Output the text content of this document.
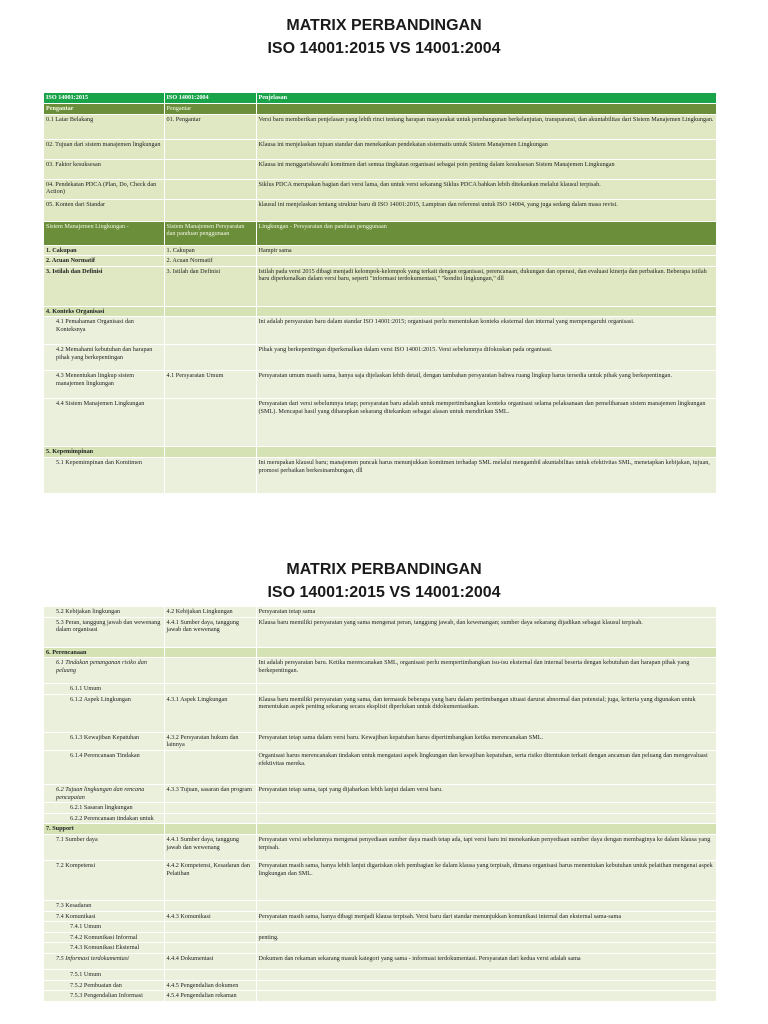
MATRIX PERBANDINGAN
ISO 14001:2015 VS 14001:2004
ISO 14001:2015	ISO 14001:2004	Penjelasan
Pengantar	Pengantar	
0.1 Latar Belakang	01. Pengantar	Versi baru memberikan penjelasan yang lebih rinci tentang harapan masyarakat untuk pembangunan berkelanjutan, transparansi, dan akuntabilitas dari Sistem Manajemen Lingkungan.
02. Tujuan dari sistem manajemen lingkungan		Klausa ini menjelaskan tujuan standar dan menekankan pendekatan sistematis untuk Sistem Manajemen Lingkungan
03. Faktor kesuksesan		Klausa ini menggarisbawahi komitmen dari semua tingkatan organisasi sebagai poin penting dalam kesuksesan Sistem Manajemen Lingkungan
04. Pendekatan PDCA (Plan, Do, Check dan Action)		Siklus PDCA merupakan bagian dari versi lama, dan untuk versi sekarang Siklus PDCA bahkan lebih ditekankan melalui klausul terpisah.
05. Konten dari Standar		klausul ini menjelaskan tentang struktur baru di ISO 14001:2015, Lampiran dan referensi untuk ISO 14004, yang juga sedang dalam masa revisi.
Sistem Manajemen Lingkungan -	Sistem Manajemen Persyaratan dan panduan penggunaan	Lingkungan - Persyaratan dan panduan penggunaan
1. Cakupan	1. Cakupan	Hampir sama
2. Acuan Normatif	2. Acuan Normatif	
3. Istilah dan Definisi	3. Istilah dan Definisi	Istilah pada versi 2015 dibagi menjadi kelompok-kelompok yang terkait dengan organisasi, perencanaan, dukungan dan operasi, dan evaluasi kinerja dan perbaikan. Beberapa istilah baru diperkenalkan dalam versi baru, seperti "informasi terdokumentasi," "kondisi lingkungan," dll
4. Konteks Organisasi		
4.1 Pemahaman Organisasi dan Konteksnya		Ini adalah persyaratan baru dalam standar ISO 14001:2015; organisasi perlu menentukan konteks eksternal dan internal yang mempengaruhi organisasi.
4.2 Memahami kebutuhan dan harapan pihak yang berkepentingan		Pihak yang berkepentingan diperkenalkan dalam versi ISO 14001:2015. Versi sebelumnya difokuskan pada organisasi.
4.3 Menentukan lingkup sistem manajemen lingkungan	4.1 Persyaratan Umum	Persyaratan umum masih sama, hanya saja dijelaskan lebih detail, dengan tambahan persyaratan bahwa ruang lingkup harus tersedia untuk pihak yang berkepentingan.
4.4 Sistem Manajemen Lingkungan		Persyaratan dari versi sebelumnya tetap; persyaratan baru adalah untuk mempertimbangkan konteks organisasi selama pelaksanaan dan pemeliharaan sistem manajemen lingkungan (SML). Mencapai hasil yang diharapkan sekarang ditekankan sebagai alasan untuk mendirikan SML.
5. Kepemimpinan		
5.1 Kepemimpinan dan Komitmen		Ini merupakan klausul baru; manajemen puncak harus menunjukkan komitmen terhadap SML melalui mengambil akuntabilitas untuk efektivitas SML, menetapkan kebijakan, tujuan, promosi perbaikan berkesinambungan, dll
MATRIX PERBANDINGAN
ISO 14001:2015 VS 14001:2004
5.2 Kebijakan lingkungan	4.2 Kebijakan Lingkungan	Persyaratan tetap sama
5.3 Peran, tanggung jawab dan wewenang dalam organisasi	4.4.1 Sumber daya, tanggung jawab dan wewenang	Klausa baru memiliki persyaratan yang sama mengenai peran, tanggung jawab, dan kewenangan; sumber daya sekarang dijadikan sebagai klausul terpisah.
6. Perencanaan		
6.1 Tindakan penanganan risiko dan peluang		Ini adalah persyaratan baru. Ketika merencanakan SML, organisasi perlu mempertimbangkan isu-isu eksternal dan internal beserta dengan kebutuhan dan harapan pihak yang berkepentingan.
6.1.1 Umum		
6.1.2 Aspek Lingkungan	4.3.1 Aspek Lingkungan	Klausa baru memiliki persyaratan yang sama, dan termasuk beberapa yang baru dalam pertimbangan situasi darurat abnormal dan potensial; juga, kriteria yang digunakan untuk menentukan aspek penting sekarang secara eksplisit diperlukan untuk didokumentasikan.
6.1.3 Kewajiban Kepatuhan	4.3.2 Persyaratan hukum dan lainnya	Persyaratan tetap sama dalam versi baru. Kewajiban kepatuhan harus dipertimbangkan ketika merencanakan SML.
6.1.4 Perencanaan Tindakan		Organisasi harus merencanakan tindakan untuk mengatasi aspek lingkungan dan kewajiban kepatuhan, serta risiko ditentukan terkait dengan ancaman dan peluang dan mengevaluasi efektivitas mereka.
6.2 Tujuan lingkungan dan rencana pencapaian	4.3.3 Tujuan, sasaran dan program	Persyaratan tetap sama, tapi yang dijabarkan lebih lanjut dalam versi baru.
6.2.1 Sasaran lingkungan		
6.2.2 Perencanaan tindakan untuk		
7. Support		
7.1 Sumber daya	4.4.1 Sumber daya, tanggung jawab dan wewenang	Persyaratan versi sebelumnya mengenai penyediaan sumber daya masih tetap ada, tapi versi baru ini menekankan penyediaan sumber daya dengan membaginya ke dalam klausa yang terpisah.
7.2 Kompetensi	4.4.2 Kompetensi, Kesadaran dan Pelatihan	Persyaratan masih sama, hanya lebih lanjut digariskan oleh pembagian ke dalam klausa yang terpisah, dimana organisasi harus menentukan kebutuhan untuk pelatihan mengenai aspek lingkungan dan SML.
7.3 Kesadaran		
7.4 Komunikasi	4.4.3 Komunikasi	Persyaratan masih sama, hanya dibagi menjadi klausa terpisah. Versi baru dari standar menunjukkan komunikasi internal dan eksternal sama-sama
7.4.1 Umum		
7.4.2 Komunikasi Informal		penting.
7.4.3 Komunikasi Eksternal		
7.5 Informasi terdokumentasi	4.4.4 Dokumentasi	Dokumen dan rekaman sekarang masuk kategori yang sama - informasi terdokumentasi. Persyaratan dari kedua versi adalah sama
7.5.1 Umum		
7.5.2 Pembuatan dan	4.4.5 Pengendalian dokumen	
7.5.3 Pengendalian Informasi	4.5.4 Pengendalian rekaman	
